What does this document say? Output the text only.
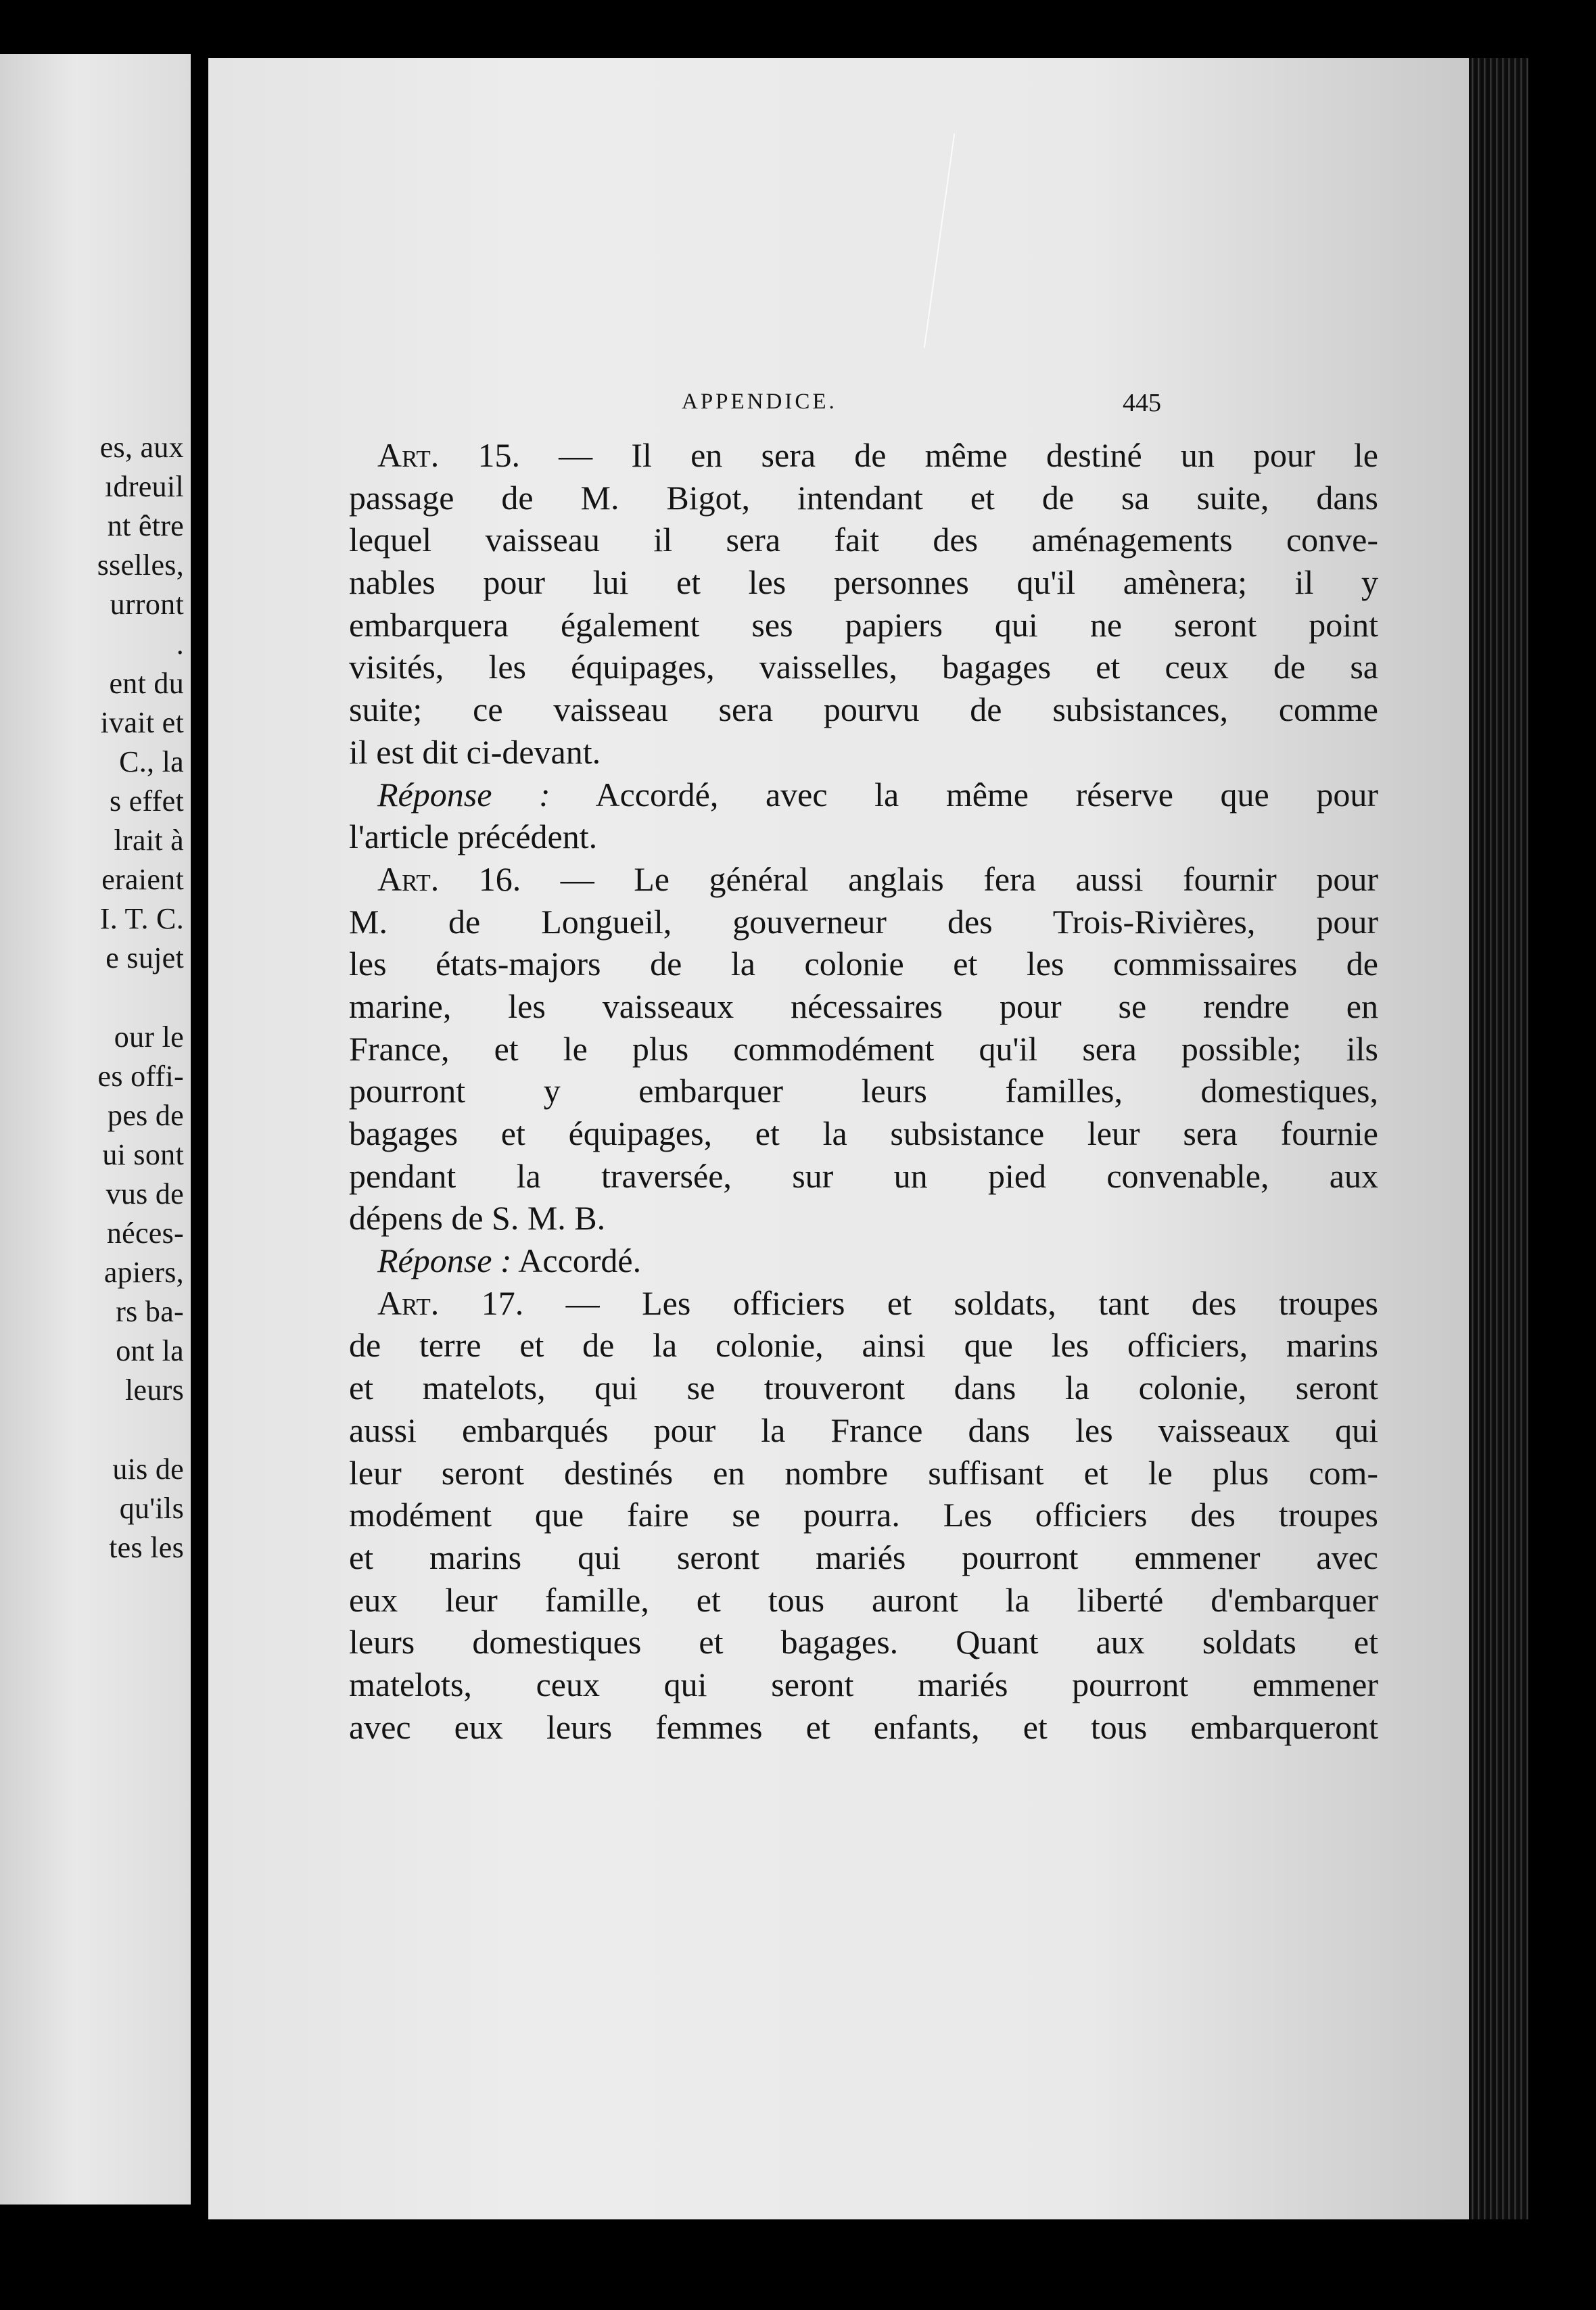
es, aux
ıdreuil
nt être
sselles,
urront
.
ent du
ivait et
C., la
s effet
lrait à
eraient
I. T. C.
e sujet
our le
es offi-
pes de
ui sont
vus de
néces-
apiers,
rs ba-
ont la
leurs
uis de
qu'ils
tes les
APPENDICE.	445
Art. 15. — Il en sera de même destiné un pour le
passage de M. Bigot, intendant et de sa suite, dans
lequel vaisseau il sera fait des aménagements conve-
nables pour lui et les personnes qu'il amènera; il y
embarquera également ses papiers qui ne seront point
visités, les équipages, vaisselles, bagages et ceux de sa
suite; ce vaisseau sera pourvu de subsistances, comme
il est dit ci-devant.
Réponse : Accordé, avec la même réserve que pour
l'article précédent.
Art. 16. — Le général anglais fera aussi fournir pour
M. de Longueil, gouverneur des Trois-Rivières, pour
les états-majors de la colonie et les commissaires de
marine, les vaisseaux nécessaires pour se rendre en
France, et le plus commodément qu'il sera possible; ils
pourront y embarquer leurs familles, domestiques,
bagages et équipages, et la subsistance leur sera fournie
pendant la traversée, sur un pied convenable, aux
dépens de S. M. B.
Réponse : Accordé.
Art. 17. — Les officiers et soldats, tant des troupes
de terre et de la colonie, ainsi que les officiers, marins
et matelots, qui se trouveront dans la colonie, seront
aussi embarqués pour la France dans les vaisseaux qui
leur seront destinés en nombre suffisant et le plus com-
modément que faire se pourra. Les officiers des troupes
et marins qui seront mariés pourront emmener avec
eux leur famille, et tous auront la liberté d'embarquer
leurs domestiques et bagages. Quant aux soldats et
matelots, ceux qui seront mariés pourront emmener
avec eux leurs femmes et enfants, et tous embarqueront
